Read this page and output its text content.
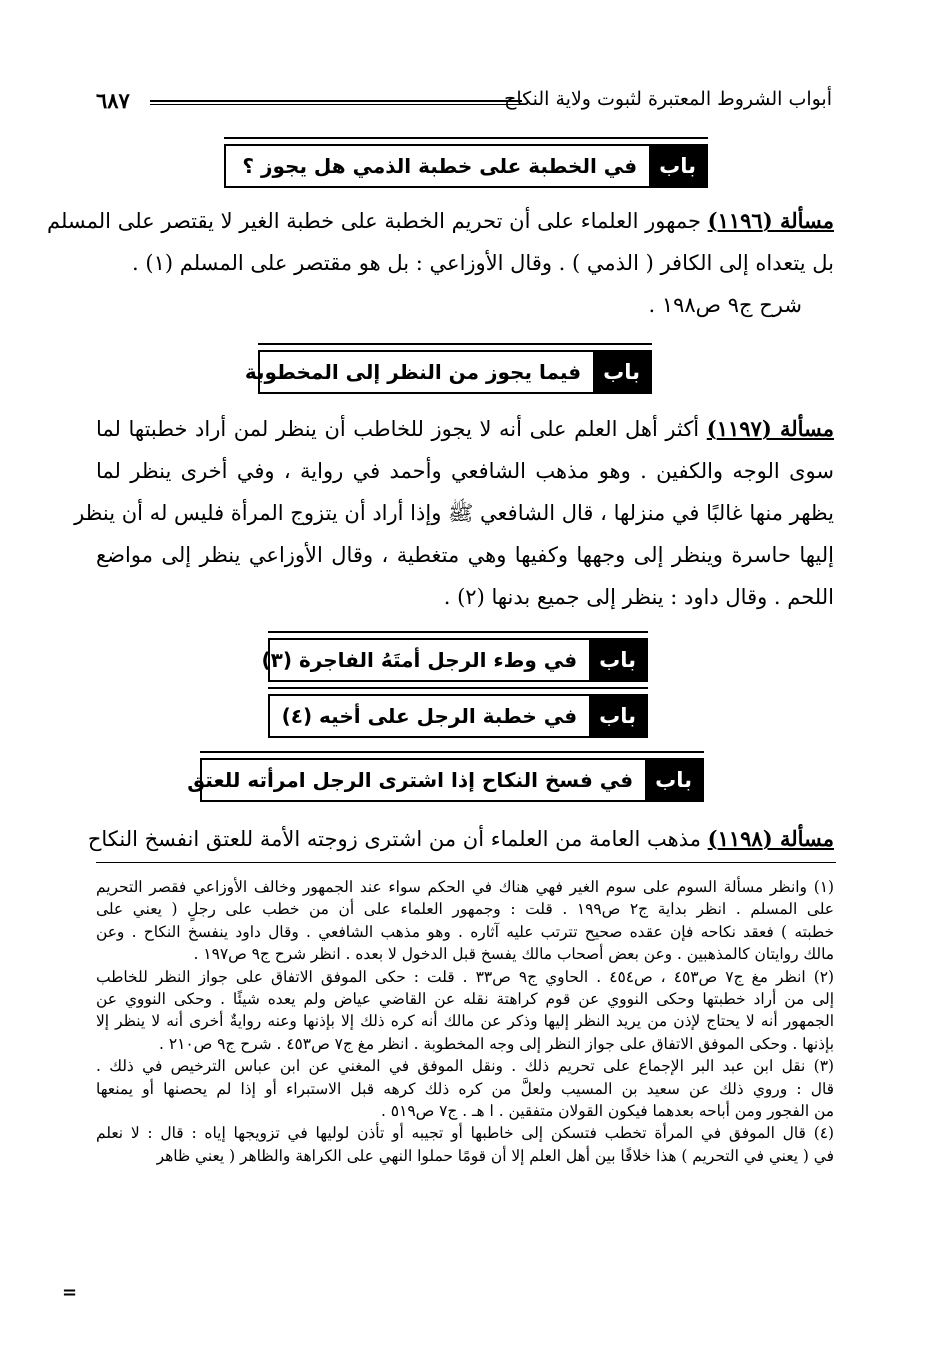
أبواب الشروط المعتبرة لثبوت ولاية النكاح
٦٨٧
باب
في الخطبة على خطبة الذمي هل يجوز ؟
مسألة (١١٩٦) جمهور العلماء على أن تحريم الخطبة على خطبة الغير لا يقتصر على المسلم
بل يتعداه إلى الكافر ( الذمي ) . وقال الأوزاعي : بل هو مقتصر على المسلم (١) .
شرح ج٩ ص١٩٨ .
باب
فيما يجوز من النظر إلى المخطوبة
مسألة (١١٩٧) أكثر أهل العلم على أنه لا يجوز للخاطب أن ينظر لمن أراد خطبتها لما
سوى الوجه والكفين . وهو مذهب الشافعي وأحمد في رواية ، وفي أخرى ينظر لما
يظهر منها غالبًا في منزلها ، قال الشافعي ﷺ وإذا أراد أن يتزوج المرأة فليس له أن ينظر
إليها حاسرة وينظر إلى وجهها وكفيها وهي متغطية ، وقال الأوزاعي ينظر إلى مواضع
اللحم . وقال داود : ينظر إلى جميع بدنها (٢) .
باب
في وطء الرجل أمتَهُ الفاجرة (٣)
باب
في خطبة الرجل على أخيه (٤)
باب
في فسخ النكاح إذا اشترى الرجل امرأته للعتق
مسألة (١١٩٨) مذهب العامة من العلماء أن من اشترى زوجته الأمة للعتق انفسخ النكاح
(١) وانظر مسألة السوم على سوم الغير فهي هناك في الحكم سواء عند الجمهور وخالف الأوزاعي فقصر التحريم
على المسلم . انظر بداية ج٢ ص١٩٩ . قلت : وجمهور العلماء على أن من خطب على رجلٍ ( يعني على
خطبته ) فعقد نكاحه فإن عقده صحيح تترتب عليه آثاره . وهو مذهب الشافعي . وقال داود ينفسخ النكاح . وعن
مالك روايتان كالمذهبين . وعن بعض أصحاب مالك يفسخ قبل الدخول لا بعده . انظر شرح ج٩ ص١٩٧ .
(٢) انظر مغ ج٧ ص٤٥٣ ، ص٤٥٤ . الحاوي ج٩ ص٣٣ . قلت : حكى الموفق الاتفاق على جواز النظر للخاطب
إلى من أراد خطبتها وحكى النووي عن قوم كراهتة نقله عن القاضي عياض ولم يعده شيئًا . وحكى النووي عن
الجمهور أنه لا يحتاج لإذن من يريد النظر إليها وذكر عن مالك أنه كره ذلك إلا بإذنها وعنه روايةٌ أخرى أنه لا ينظر إلا
بإذنها . وحكى الموفق الاتفاق على جواز النظر إلى وجه المخطوبة . انظر مغ ج٧ ص٤٥٣ . شرح ج٩ ص٢١٠ .
(٣) نقل ابن عبد البر الإجماع على تحريم ذلك . ونقل الموفق في المغني عن ابن عباس الترخيص في ذلك .
قال : وروي ذلك عن سعيد بن المسيب ولعلَّ من كره ذلك كرهه قبل الاستبراء أو إذا لم يحصنها أو يمنعها
من الفجور ومن أباحه بعدهما فيكون القولان متفقين . ا هـ . ج٧ ص٥١٩ .
(٤) قال الموفق في المرأة تخطب فتسكن إلى خاطبها أو تجيبه أو تأذن لوليها في تزويجها إياه : قال : لا نعلم
في ( يعني في التحريم ) هذا خلافًا بين أهل العلم إلا أن قومًا حملوا النهي على الكراهة والظاهر ( يعني ظاهر
=
